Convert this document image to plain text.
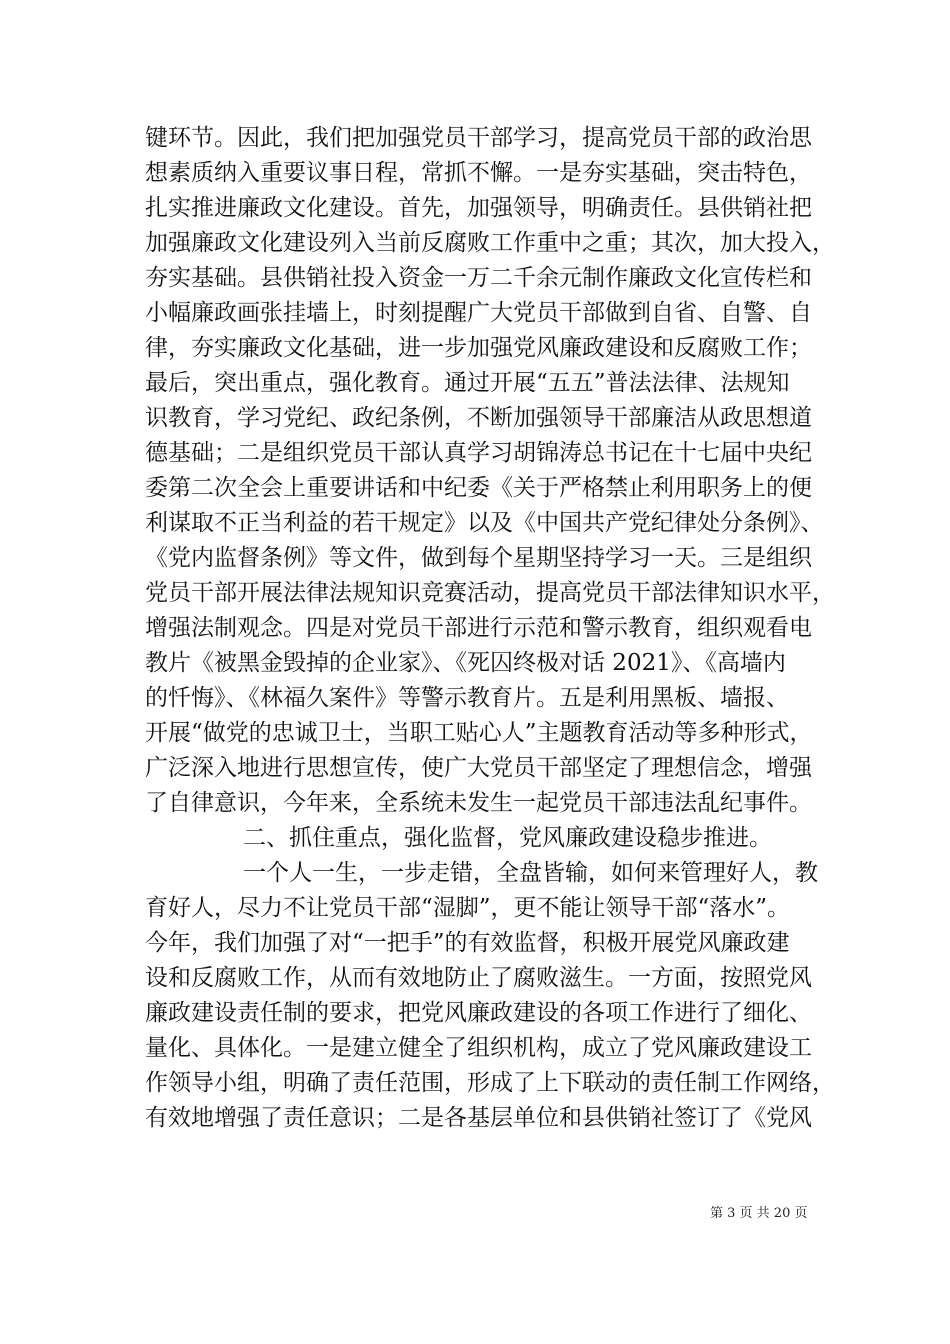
键环节。因此，我们把加强党员干部学习，提高党员干部的政治思
想素质纳入重要议事日程，常抓不懈。一是夯实基础，突击特色，
扎实推进廉政文化建设。首先，加强领导，明确责任。县供销社把
加强廉政文化建设列入当前反腐败工作重中之重；其次，加大投入，
夯实基础。县供销社投入资金一万二千余元制作廉政文化宣传栏和
小幅廉政画张挂墙上，时刻提醒广大党员干部做到自省、自警、自
律，夯实廉政文化基础，进一步加强党风廉政建设和反腐败工作；
最后，突出重点，强化教育。通过开展“五五”普法法律、法规知
识教育，学习党纪、政纪条例，不断加强领导干部廉洁从政思想道
德基础；二是组织党员干部认真学习胡锦涛总书记在十七届中央纪
委第二次全会上重要讲话和中纪委《关于严格禁止利用职务上的便
利谋取不正当利益的若干规定》以及《中国共产党纪律处分条例》、
《党内监督条例》等文件，做到每个星期坚持学习一天。三是组织
党员干部开展法律法规知识竞赛活动，提高党员干部法律知识水平，
增强法制观念。四是对党员干部进行示范和警示教育，组织观看电
教片《被黑金毁掉的企业家》、《死囚终极对话 2021》、《高墙内
的忏悔》、《林福久案件》等警示教育片。五是利用黑板、墙报、
开展“做党的忠诚卫士，当职工贴心人”主题教育活动等多种形式，
广泛深入地进行思想宣传，使广大党员干部坚定了理想信念，增强
了自律意识，今年来，全系统未发生一起党员干部违法乱纪事件。
二、抓住重点，强化监督，党风廉政建设稳步推进。
一个人一生，一步走错，全盘皆输，如何来管理好人，教
育好人，尽力不让党员干部“湿脚”，更不能让领导干部“落水”。
今年，我们加强了对“一把手”的有效监督，积极开展党风廉政建
设和反腐败工作，从而有效地防止了腐败滋生。一方面，按照党风
廉政建设责任制的要求，把党风廉政建设的各项工作进行了细化、
量化、具体化。一是建立健全了组织机构，成立了党风廉政建设工
作领导小组，明确了责任范围，形成了上下联动的责任制工作网络，
有效地增强了责任意识；二是各基层单位和县供销社签订了《党风
第 3 页 共 20 页
